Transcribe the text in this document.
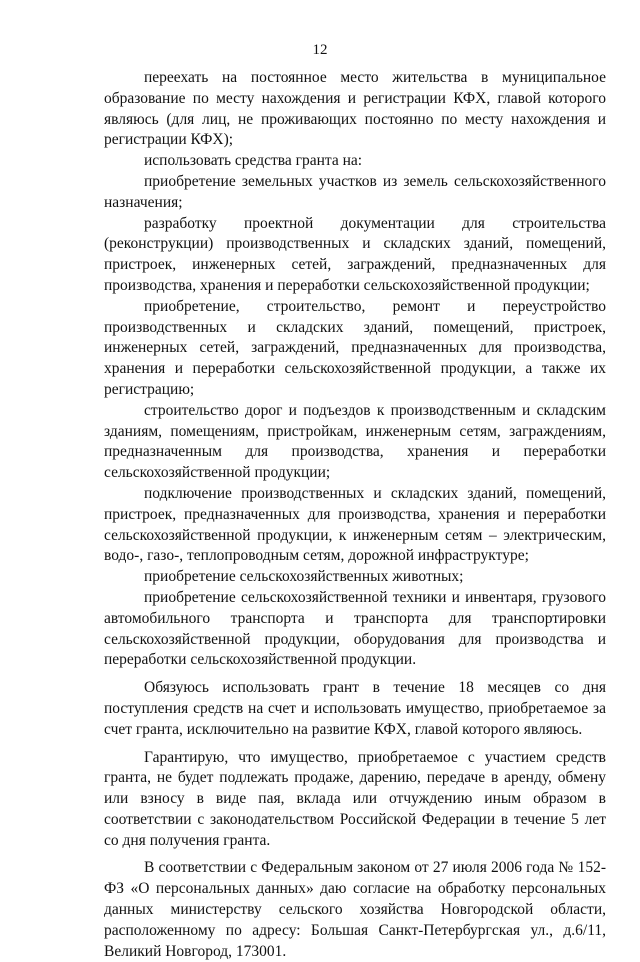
12

переехать на постоянное место жительства в муниципальное образование по месту нахождения и регистрации КФХ, главой которого являюсь (для лиц, не проживающих постоянно по месту нахождения и регистрации КФХ);

использовать средства гранта на:

приобретение земельных участков из земель сельскохозяйственного назначения;

разработку проектной документации для строительства (реконструкции) производственных и складских зданий, помещений, пристроек, инженерных сетей, заграждений, предназначенных для производства, хранения и переработки сельскохозяйственной продукции;

приобретение, строительство, ремонт и переустройство производственных и складских зданий, помещений, пристроек, инженерных сетей, заграждений, предназначенных для производства, хранения и переработки сельскохозяйственной продукции, а также их регистрацию;

строительство дорог и подъездов к производственным и складским зданиям, помещениям, пристройкам, инженерным сетям, заграждениям, предназначенным для производства, хранения и переработки сельскохозяйственной продукции;

подключение производственных и складских зданий, помещений, пристроек, предназначенных для производства, хранения и переработки сельскохозяйственной продукции, к инженерным сетям – электрическим, водо-, газо-, теплопроводным сетям, дорожной инфраструктуре;

приобретение сельскохозяйственных животных;

приобретение сельскохозяйственной техники и инвентаря, грузового автомобильного транспорта и транспорта для транспортировки сельскохозяйственной продукции, оборудования для производства и переработки сельскохозяйственной продукции.

Обязуюсь использовать грант в течение 18 месяцев со дня поступления средств на счет и использовать имущество, приобретаемое за счет гранта, исключительно на развитие КФХ, главой которого являюсь.

Гарантирую, что имущество, приобретаемое с участием средств гранта, не будет подлежать продаже, дарению, передаче в аренду, обмену или взносу в виде пая, вклада или отчуждению иным образом в соответствии с законодательством Российской Федерации в течение 5 лет со дня получения гранта.

В соответствии с Федеральным законом от 27 июля 2006 года № 152-ФЗ «О персональных данных» даю согласие на обработку персональных данных министерству сельского хозяйства Новгородской области, расположенному по адресу: Большая Санкт-Петербургская ул., д.6/11, Великий Новгород, 173001.
